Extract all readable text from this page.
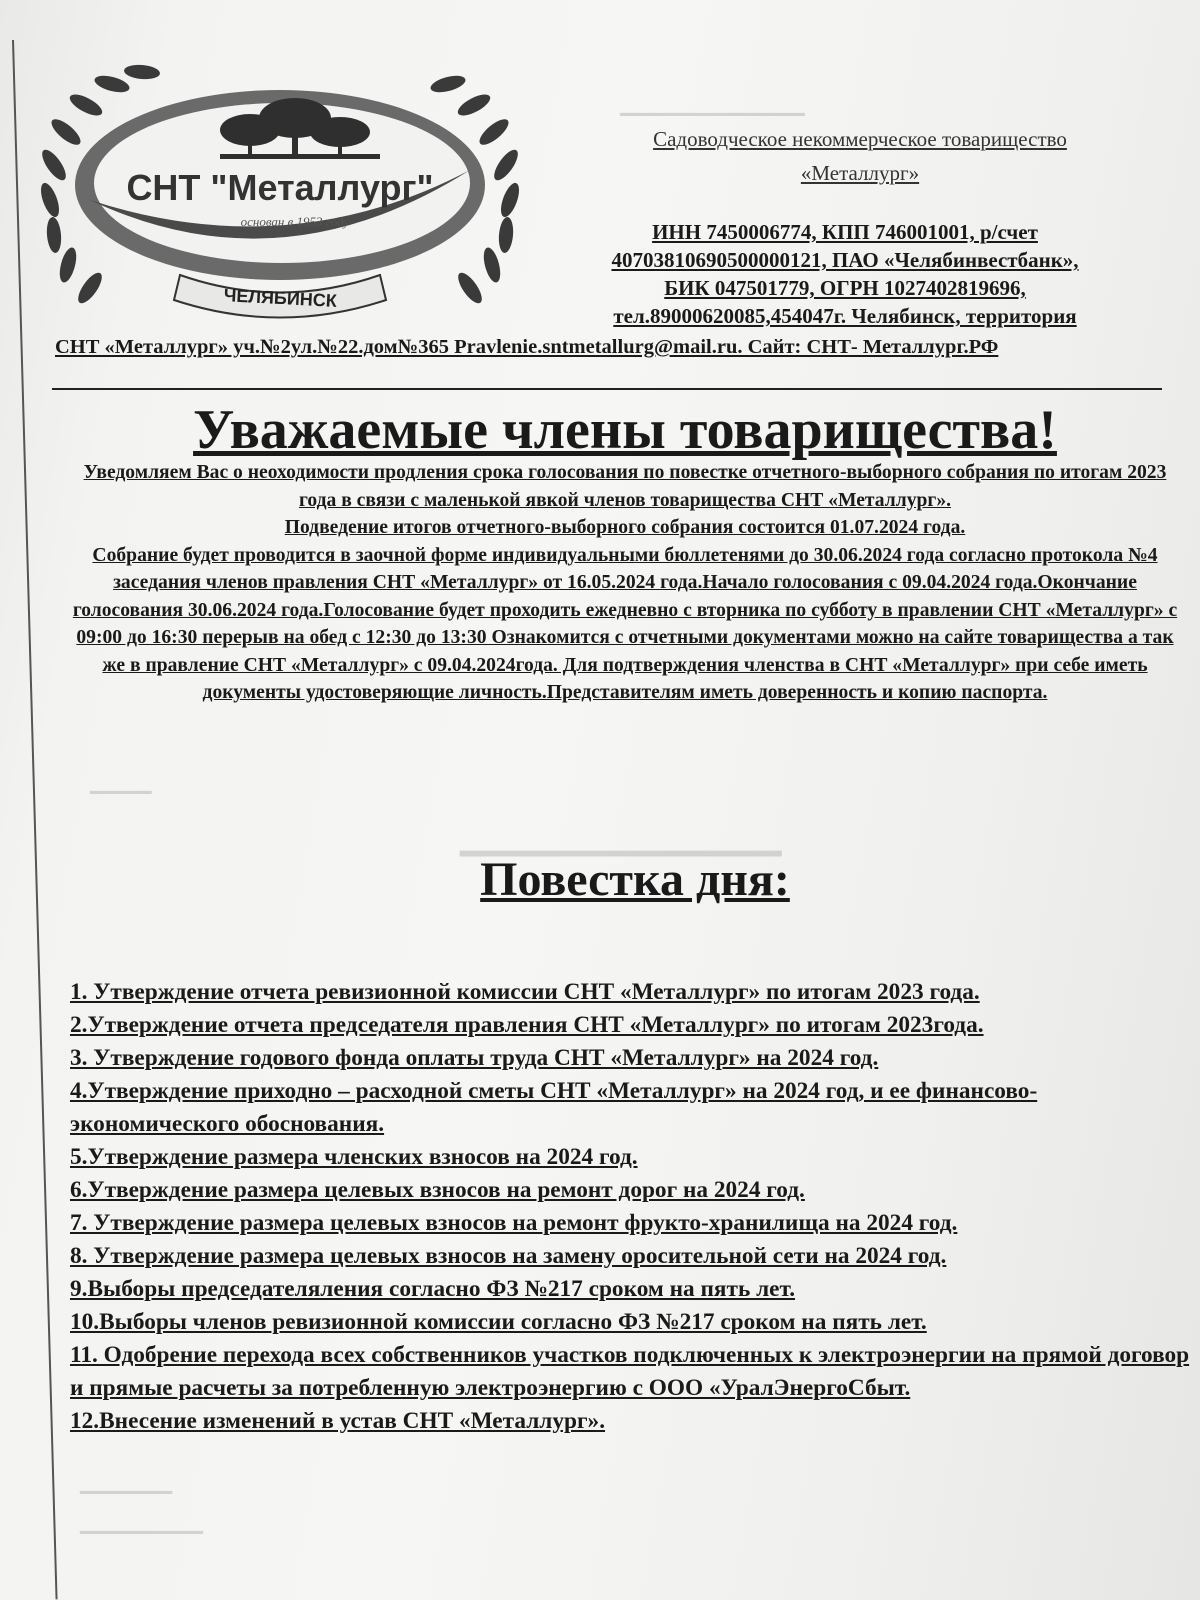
▁▁▁▁▁▁▁▁▁▁▁▁
▁▁▁▁
▁▁▁▁▁▁▁▁▁▁▁
▁▁▁▁▁▁
▁▁▁▁▁▁▁▁
СНТ "Металлург"
основан в 1953 году
ЧЕЛЯБИНСК
Садоводческое некоммерческое товарищество
«Металлург»
ИНН 7450006774, КПП 746001001, р/счет
40703810690500000121, ПАО «Челябинвестбанк»,
БИК 047501779, ОГРН 1027402819696,
тел.89000620085,454047г. Челябинск, территория
СНТ «Металлург» уч.№2ул.№22.дом№365 Pravlenie.sntmetallurg@mail.ru. Сайт: СНТ- Металлург.РФ
Уважаемые члены товарищества!

Уведомляем Вас о неоходимости продления срока голосования по повестке отчетного-выборного собрания по итогам 2023 года в связи с маленькой явкой членов товарищества СНТ «Металлург».

Подведение итогов отчетного-выборного собрания состоится 01.07.2024 года.

Собрание будет проводится в заочной форме индивидуальными бюллетенями до 30.06.2024 года согласно протокола №4 заседания членов правления СНТ «Металлург» от 16.05.2024 года.Начало голосования с 09.04.2024 года.Окончание голосования 30.06.2024 года.Голосование будет проходить ежедневно с вторника по субботу в правлении СНТ «Металлург» с 09:00 до 16:30 перерыв на обед с 12:30 до 13:30 Ознакомится с отчетными документами можно на сайте товарищества а так же в правление СНТ «Металлург» с 09.04.2024года. Для подтверждения членства в СНТ «Металлург» при себе иметь документы удостоверяющие личность.Представителям иметь доверенность и копию паспорта.

Повестка дня:
1. Утверждение отчета ревизионной комиссии СНТ «Металлург» по итогам 2023 года.
2.Утверждение отчета председателя правления СНТ «Металлург» по итогам 2023года.
3. Утверждение годового фонда оплаты труда СНТ «Металлург» на 2024 год.
4.Утверждение приходно – расходной сметы СНТ «Металлург» на 2024 год, и ее финансово-экономического обоснования.
5.Утверждение размера членских взносов на 2024 год.
6.Утверждение размера целевых взносов на ремонт дорог на 2024 год.
7. Утверждение размера целевых взносов на ремонт фрукто-хранилища на 2024 год.
8. Утверждение размера целевых взносов на замену оросительной сети на 2024 год.
9.Выборы председателяления согласно ФЗ №217 сроком на пять лет.
10.Выборы членов ревизионной комиссии согласно ФЗ №217 сроком на пять лет.
11. Одобрение перехода всех собственников участков подключенных к электроэнергии на прямой договор и прямые расчеты за потребленную электроэнергию с ООО «УралЭнергоСбыт.
12.Внесение изменений в устав СНТ «Металлург».
